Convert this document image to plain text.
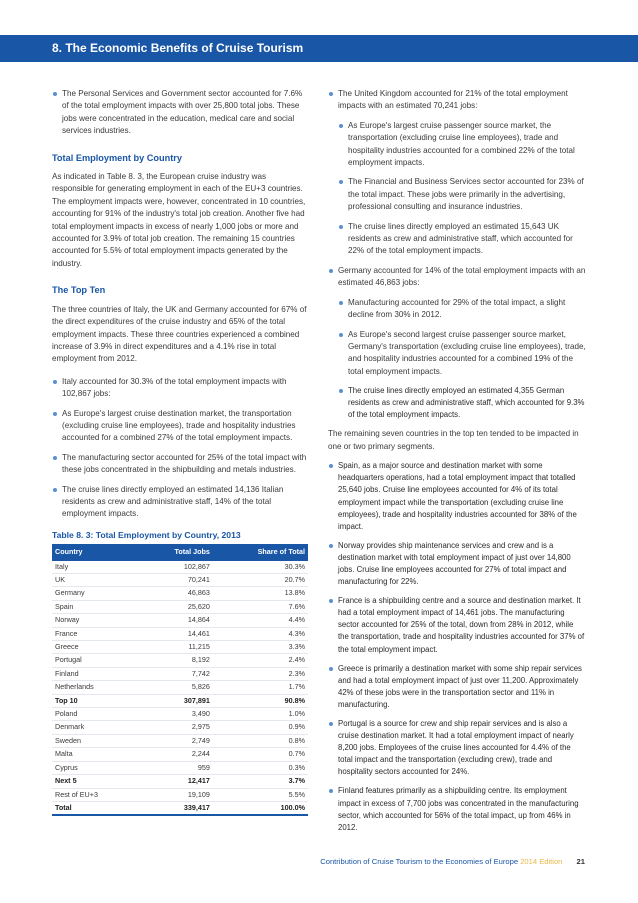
8. The Economic Benefits of Cruise Tourism
The Personal Services and Government sector accounted for 7.6% of the total employment impacts with over 25,800 total jobs. These jobs were concentrated in the education, medical care and social services industries.
Total Employment by Country
As indicated in Table 8. 3, the European cruise industry was responsible for generating employment in each of the EU+3 countries. The employment impacts were, however, concentrated in 10 countries, accounting for 91% of the industry's total job creation. Another five had total employment impacts in excess of nearly 1,000 jobs or more and accounted for 3.9% of total job creation. The remaining 15 countries accounted for 5.5% of total employment impacts generated by the industry.
The Top Ten
The three countries of Italy, the UK and Germany accounted for 67% of the direct expenditures of the cruise industry and 65% of the total employment impacts. These three countries experienced a combined increase of 3.9% in direct expenditures and a 4.1% rise in total employment from 2012.
Italy accounted for 30.3% of the total employment impacts with 102,867 jobs:
As Europe's largest cruise destination market, the transportation (excluding cruise line employees), trade and hospitality industries accounted for a combined 27% of the total employment impacts.
The manufacturing sector accounted for 25% of the total impact with these jobs concentrated in the shipbuilding and metals industries.
The cruise lines directly employed an estimated 14,136 Italian residents as crew and administrative staff, 14% of the total employment impacts.
Table 8. 3: Total Employment by Country, 2013
Country	Total Jobs	Share of Total
Italy	102,867	30.3%
UK	70,241	20.7%
Germany	46,863	13.8%
Spain	25,620	7.6%
Norway	14,864	4.4%
France	14,461	4.3%
Greece	11,215	3.3%
Portugal	8,192	2.4%
Finland	7,742	2.3%
Netherlands	5,826	1.7%
Top 10	307,891	90.8%
Poland	3,490	1.0%
Denmark	2,975	0.9%
Sweden	2,749	0.8%
Malta	2,244	0.7%
Cyprus	959	0.3%
Next 5	12,417	3.7%
Rest of EU+3	19,109	5.5%
Total	339,417	100.0%
The United Kingdom accounted for 21% of the total employment impacts with an estimated 70,241 jobs:
As Europe's largest cruise passenger source market, the transportation (excluding cruise line employees), trade and hospitality industries accounted for a combined 22% of the total employment impacts.
The Financial and Business Services sector accounted for 23% of the total impact. These jobs were primarily in the advertising, professional consulting and insurance industries.
The cruise lines directly employed an estimated 15,643 UK residents as crew and administrative staff, which accounted for 22% of the total employment impacts.
Germany accounted for 14% of the total employment impacts with an estimated 46,863 jobs:
Manufacturing accounted for 29% of the total impact, a slight decline from 30% in 2012.
As Europe's second largest cruise passenger source market, Germany's transportation (excluding cruise line employees), trade, and hospitality industries accounted for a combined 19% of the total employment impacts.
The cruise lines directly employed an estimated 4,355 German residents as crew and administrative staff, which accounted for 9.3% of the total employment impacts.
The remaining seven countries in the top ten tended to be impacted in one or two primary segments.
Spain, as a major source and destination market with some headquarters operations, had a total employment impact that totalled 25,640 jobs. Cruise line employees accounted for 4% of its total employment impact while the transportation (excluding cruise line employees), trade and hospitality industries accounted for 38% of the impact.
Norway provides ship maintenance services and crew and is a destination market with total employment impact of just over 14,800 jobs. Cruise line employees accounted for 27% of total impact and manufacturing for 22%.
France is a shipbuilding centre and a source and destination market. It had a total employment impact of 14,461 jobs. The manufacturing sector accounted for 25% of the total, down from 28% in 2012, while the transportation, trade and hospitality industries accounted for 37% of the total employment impact.
Greece is primarily a destination market with some ship repair services and had a total employment impact of just over 11,200. Approximately 42% of these jobs were in the transportation sector and 11% in manufacturing.
Portugal is a source for crew and ship repair services and is also a cruise destination market. It had a total employment impact of nearly 8,200 jobs. Employees of the cruise lines accounted for 4.4% of the total impact and the transportation (excluding crew), trade and hospitality sectors accounted for 24%.
Finland features primarily as a shipbuilding centre. Its employment impact in excess of 7,700 jobs was concentrated in the manufacturing sector, which accounted for 56% of the total impact, up from 46% in 2012.
Contribution of Cruise Tourism to the Economies of Europe 2014 Edition 21
